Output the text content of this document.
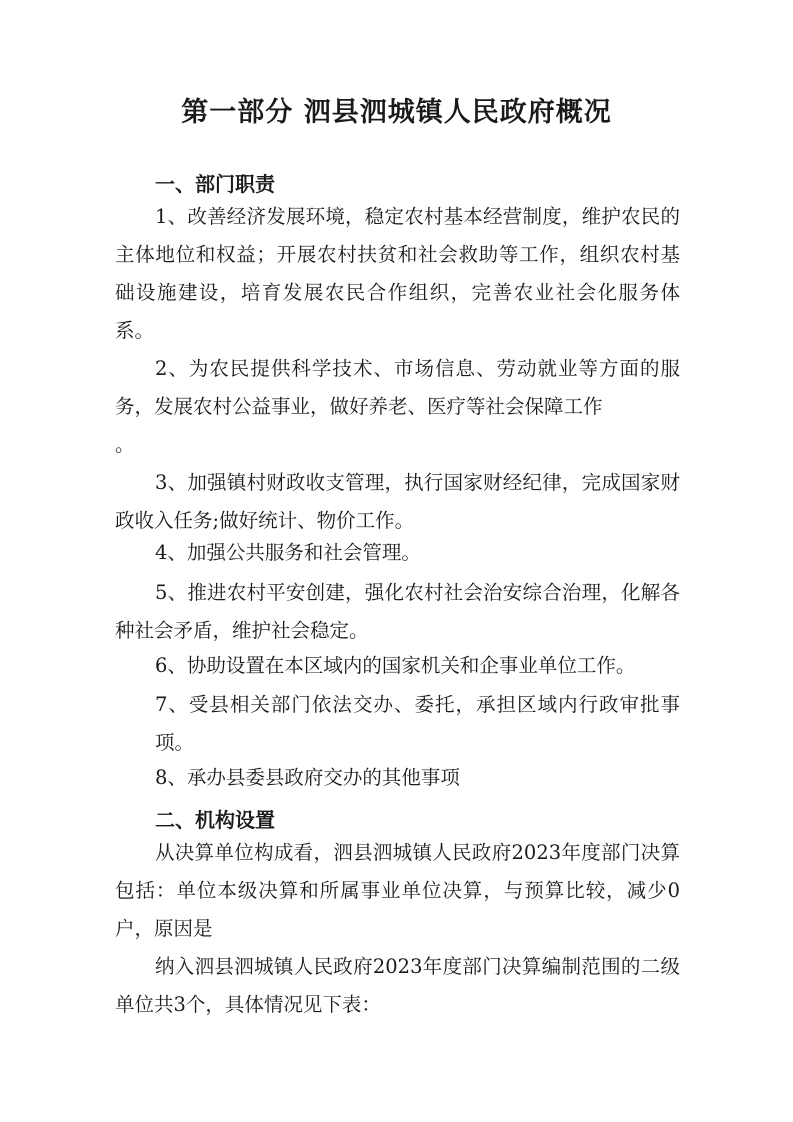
第一部分 泗县泗城镇人民政府概况
一、部门职责

1、改善经济发展环境，稳定农村基本经营制度，维护农民的主体地位和权益；开展农村扶贫和社会救助等工作，组织农村基础设施建设，培育发展农民合作组织，完善农业社会化服务体系。

2、为农民提供科学技术、市场信息、劳动就业等方面的服务，发展农村公益事业，做好养老、医疗等社会保障工作

。

3、加强镇村财政收支管理，执行国家财经纪律，完成国家财政收入任务;做好统计、物价工作。

4、加强公共服务和社会管理。

5、推进农村平安创建，强化农村社会治安综合治理，化解各种社会矛盾，维护社会稳定。

6、协助设置在本区域内的国家机关和企事业单位工作。

7、受县相关部门依法交办、委托，承担区域内行政审批事项。

8、承办县委县政府交办的其他事项

二、机构设置

从决算单位构成看，泗县泗城镇人民政府2023年度部门决算包括：单位本级决算和所属事业单位决算，与预算比较，减少0户，原因是

纳入泗县泗城镇人民政府2023年度部门决算编制范围的二级单位共3个，具体情况见下表：
